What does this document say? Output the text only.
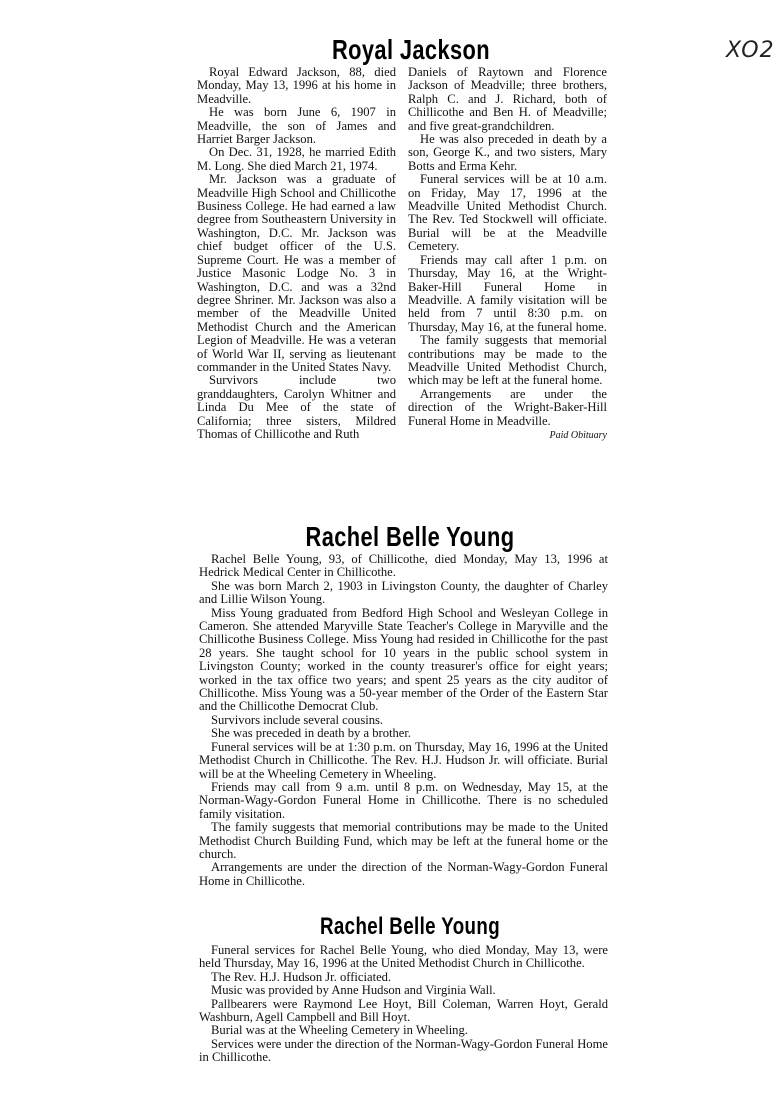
XO2
Royal Jackson

Royal Edward Jackson, 88, died Monday, May 13, 1996 at his home in Meadville.

He was born June 6, 1907 in Meadville, the son of James and Harriet Barger Jackson.

On Dec. 31, 1928, he married Edith M. Long. She died March 21, 1974.

Mr. Jackson was a graduate of Meadville High School and Chillicothe Business College. He had earned a law degree from Southeastern University in Washington, D.C. Mr. Jackson was chief budget officer of the U.S. Supreme Court. He was a member of Justice Masonic Lodge No. 3 in Washington, D.C. and was a 32nd degree Shriner. Mr. Jackson was also a member of the Meadville United Methodist Church and the American Legion of Meadville. He was a veteran of World War II, serving as lieutenant commander in the United States Navy.

Survivors include two granddaughters, Carolyn Whitner and Linda Du Mee of the state of California; three sisters, Mildred Thomas of Chillicothe and Ruth

Daniels of Raytown and Florence Jackson of Meadville; three brothers, Ralph C. and J. Richard, both of Chillicothe and Ben H. of Meadville; and five great-grandchildren.

He was also preceded in death by a son, George K., and two sisters, Mary Botts and Erma Kehr.

Funeral services will be at 10 a.m. on Friday, May 17, 1996 at the Meadville United Methodist Church. The Rev. Ted Stockwell will officiate. Burial will be at the Meadville Cemetery.

Friends may call after 1 p.m. on Thursday, May 16, at the Wright-Baker-Hill Funeral Home in Meadville. A family visitation will be held from 7 until 8:30 p.m. on Thursday, May 16, at the funeral home.

The family suggests that memorial contributions may be made to the Meadville United Methodist Church, which may be left at the funeral home.

Arrangements are under the direction of the Wright-Baker-Hill Funeral Home in Meadville.

Paid Obituary

Rachel Belle Young

Rachel Belle Young, 93, of Chillicothe, died Monday, May 13, 1996 at Hedrick Medical Center in Chillicothe.

She was born March 2, 1903 in Livingston County, the daughter of Charley and Lillie Wilson Young.

Miss Young graduated from Bedford High School and Wesleyan College in Cameron. She attended Maryville State Teacher's College in Maryville and the Chillicothe Business College. Miss Young had resided in Chillicothe for the past 28 years. She taught school for 10 years in the public school system in Livingston County; worked in the county treasurer's office for eight years; worked in the tax office two years; and spent 25 years as the city auditor of Chillicothe. Miss Young was a 50-year member of the Order of the Eastern Star and the Chillicothe Democrat Club.

Survivors include several cousins.

She was preceded in death by a brother.

Funeral services will be at 1:30 p.m. on Thursday, May 16, 1996 at the United Methodist Church in Chillicothe. The Rev. H.J. Hudson Jr. will officiate. Burial will be at the Wheeling Cemetery in Wheeling.

Friends may call from 9 a.m. until 8 p.m. on Wednesday, May 15, at the Norman-Wagy-Gordon Funeral Home in Chillicothe. There is no scheduled family visitation.

The family suggests that memorial contributions may be made to the United Methodist Church Building Fund, which may be left at the funeral home or the church.

Arrangements are under the direction of the Norman-Wagy-Gordon Funeral Home in Chillicothe.

Rachel Belle Young

Funeral services for Rachel Belle Young, who died Monday, May 13, were held Thursday, May 16, 1996 at the United Methodist Church in Chillicothe.

The Rev. H.J. Hudson Jr. officiated.

Music was provided by Anne Hudson and Virginia Wall.

Pallbearers were Raymond Lee Hoyt, Bill Coleman, Warren Hoyt, Gerald Washburn, Agell Campbell and Bill Hoyt.

Burial was at the Wheeling Cemetery in Wheeling.

Services were under the direction of the Norman-Wagy-Gordon Funeral Home in Chillicothe.
